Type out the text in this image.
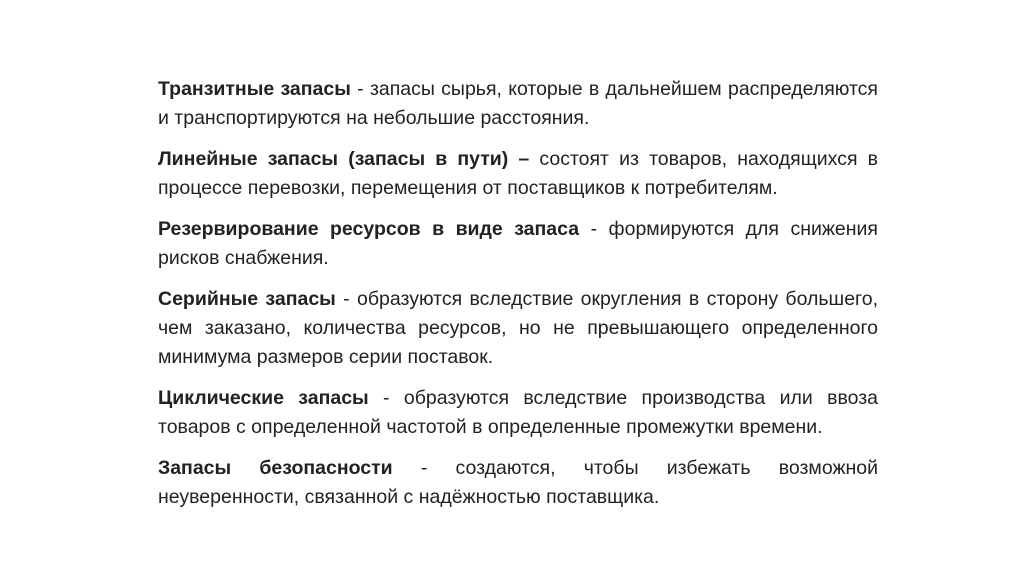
Транзитные запасы - запасы сырья, которые в дальнейшем распределяются и транспортируются на небольшие расстояния.

Линейные запасы (запасы в пути) – состоят из товаров, находящихся в процессе перевозки, перемещения от поставщиков к потребителям.

Резервирование ресурсов в виде запаса - формируются для снижения рисков снабжения.

Серийные запасы - образуются вследствие округления в сторону большего, чем заказано, количества ресурсов, но не превышающего определенного минимума размеров серии поставок.

Циклические запасы - образуются вследствие производства или ввоза товаров с определенной частотой в определенные промежутки времени.

Запасы безопасности - создаются, чтобы избежать возможной неуверенности, связанной с надёжностью поставщика.
